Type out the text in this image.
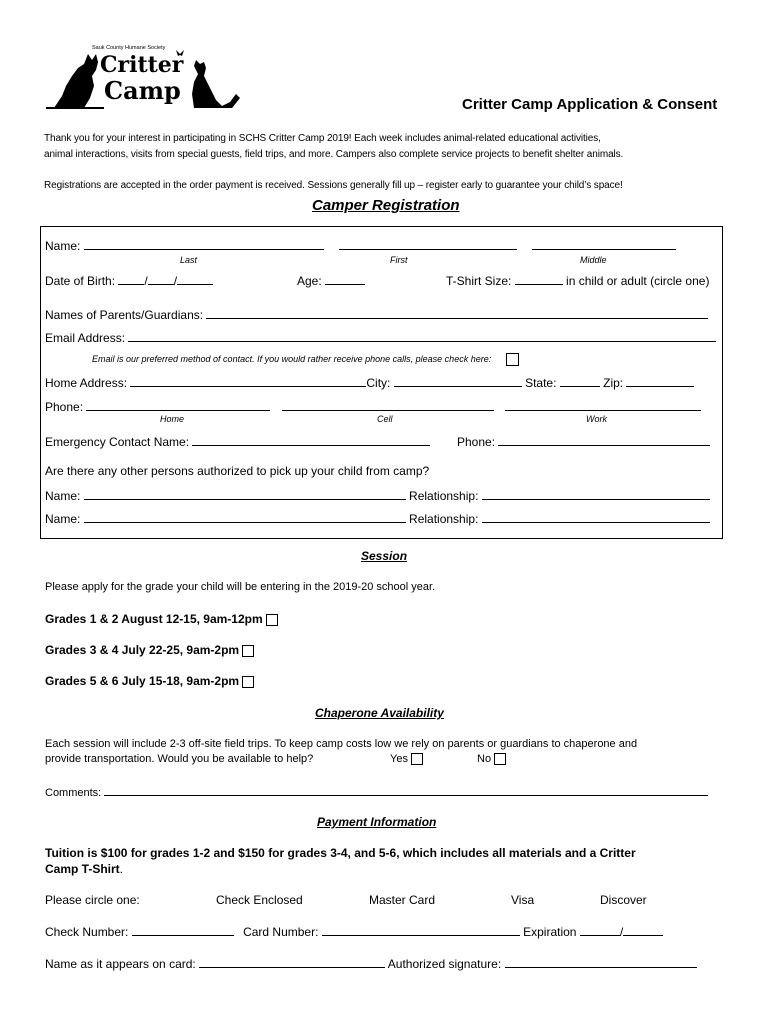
Sauk County Humane Society
Critter
Camp	Critter Camp Application & Consent
Thank you for your interest in participating in SCHS Critter Camp 2019! Each week includes animal-related educational activities,
animal interactions, visits from special guests, field trips, and more. Campers also complete service projects to benefit shelter animals.
Registrations are accepted in the order payment is received. Sessions generally fill up – register early to guarantee your child’s space!
Camper Registration
Name:
Last	First	Middle
Date of Birth: / /	Age:	T-Shirt Size:	in child or adult (circle one)
Names of Parents/Guardians:
Email Address:
Email is our preferred method of contact. If you would rather receive phone calls, please check here:
Home Address:	City:	State:	Zip:
Phone:
Home	Cell	Work
Emergency Contact Name:	Phone:
Are there any other persons authorized to pick up your child from camp?
Name:	Relationship:
Name:	Relationship:
Session
Please apply for the grade your child will be entering in the 2019-20 school year.
Grades 1 & 2 August 12-15, 9am-12pm
Grades 3 & 4 July 22-25, 9am-2pm
Grades 5 & 6 July 15-18, 9am-2pm
Chaperone Availability
Each session will include 2-3 off-site field trips. To keep camp costs low we rely on parents or guardians to chaperone and
provide transportation. Would you be available to help?	Yes	No
Comments:
Payment Information
Tuition is $100 for grades 1-2 and $150 for grades 3-4, and 5-6, which includes all materials and a Critter
Camp T-Shirt.
Please circle one:	Check Enclosed	Master Card	Visa	Discover
Check Number:	Card Number:	Expiration	/
Name as it appears on card:	Authorized signature:
